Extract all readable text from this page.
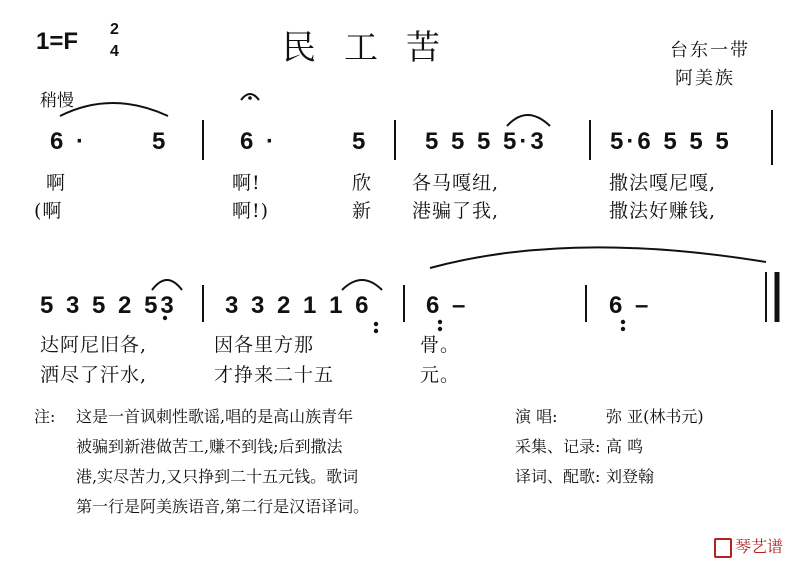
1=F 2
4	民工苦	台东一带
阿美族
稍慢
6 ·	5	6 ·	5 5 5 5 5·3	5·6 5 5 5
啊	啊!	欣 各马嘎纽,	撒法嘎尼嘎,
(啊	啊!)	新 港骗了我,	撒法好赚钱,
5 3 5 2 53 3 3 2 1 1 6 6 –	6 –
达阿尼旧各,	因各里方那	骨。
洒尽了汗水,	才挣来二十五	元。
注: 这是一首讽刺性歌谣,唱的是高山族青年
被骗到新港做苦工,赚不到钱;后到撒法
港,实尽苦力,又只挣到二十五元钱。歌词
第一行是阿美族语音,第二行是汉语译词。
演 唱:	弥 亚(林书元)
采集、记录: 高 鸣
译词、配歌: 刘登翰
琴艺谱
